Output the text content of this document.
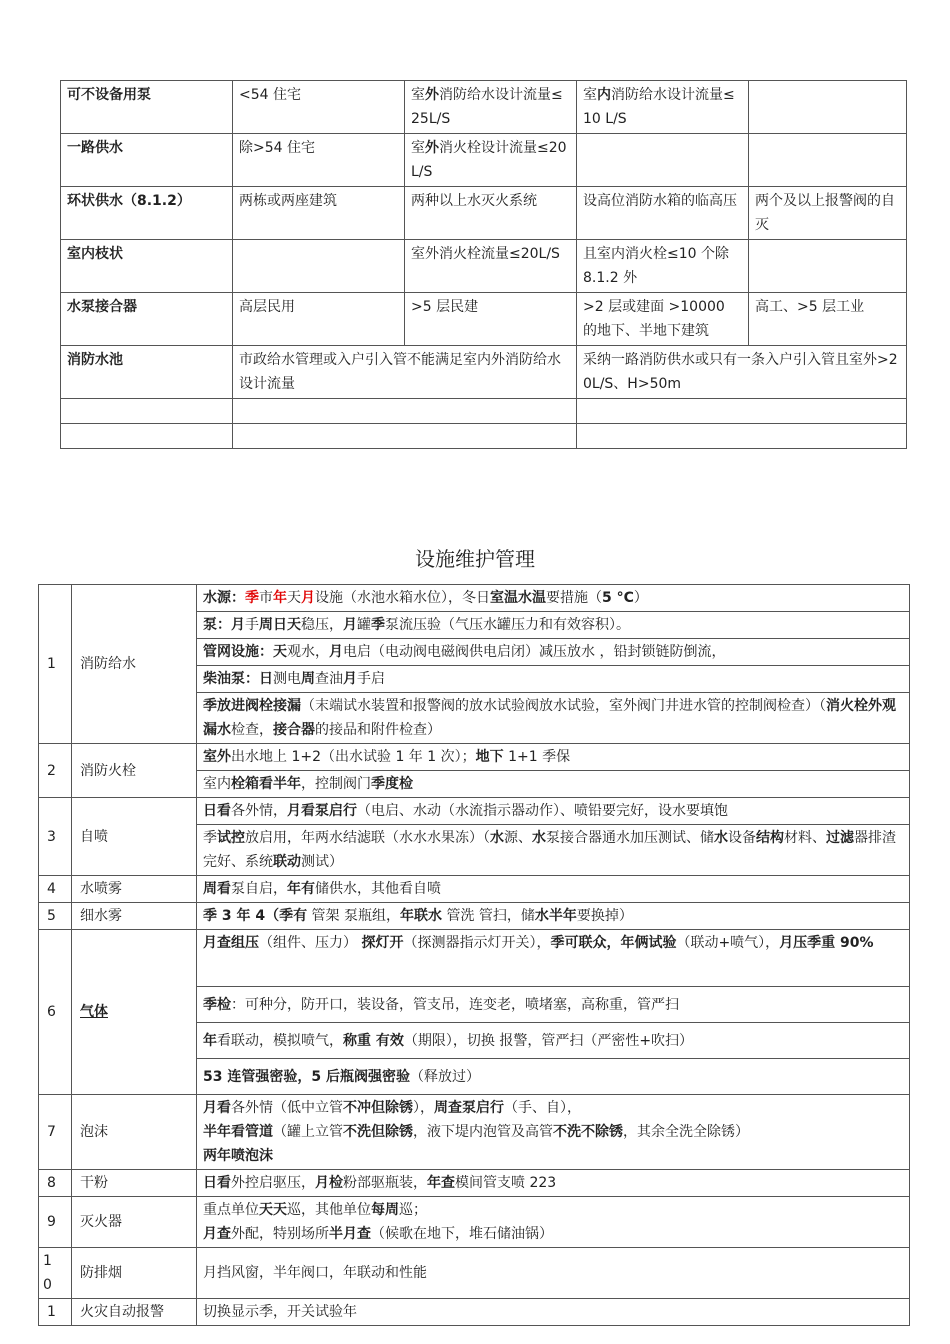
可不设备用泵	<54 住宅	室外消防给水设计流量≤25L/S	室内消防给水设计流量≤10 L/S	
一路供水	除>54 住宅	室外消火栓设计流量≤20L/S		
环状供水（8.1.2）	两栋或两座建筑	两种以上水灭火系统	设高位消防水箱的临高压	两个及以上报警阀的自灭
室内枝状		室外消火栓流量≤20L/S	且室内消火栓≤10 个除 8.1.2 外	
水泵接合器	高层民用	>5 层民建	>2 层或建面 >10000 的地下、半地下建筑	高工、>5 层工业
消防水池	市政给水管理或入户引入管不能满足室内外消防给水设计流量		采纳一路消防供水或只有一条入户引入管且室外>20L/S、H>50m	

设施维护管理
1	消防给水	水源：季市年天月设施（水池水箱水位），冬日室温水温要措施（5 °C）
		泵：月手周日天稳压，月罐季泵流压验（气压水罐压力和有效容积）。
		管网设施：天观水，月电启（电动阀电磁阀供电启闭）减压放水 ，铅封锁链防倒流，
		柴油泵：日测电周查油月手启
		季放进阀栓接漏（末端试水装置和报警阀的放水试验阀放水试验，室外阀门井进水管的控制阀检查）（消火栓外观漏水检查，接合器的接品和附件检查）
2	消防火栓	室外出水地上 1+2（出水试验 1 年 1 次）；地下 1+1 季保
		室内栓箱看半年，控制阀门季度检
3	自喷	日看各外情，月看泵启行（电启、水动（水流指示器动作）、喷铅要完好，设水要填饱
		季试控放启用，年两水结滤联（水水水果冻）（水源、水泵接合器通水加压测试、储水设备结构材料、过滤器排渣完好、系统联动测试）
4	水喷雾	周看泵自启，年有储供水，其他看自喷
5	细水雾	季 3 年 4（季有 管架 泵瓶组，年联水 管洗 管扫，储水半年要换掉）
6	气体	月查组压（组件、压力） 探灯开（探测器指示灯开关），季可联众，年俩试验（联动+喷气），月压季重 90%
		季检：可种分，防开口，装设备，管支吊，连变老，喷堵塞，高称重，管严扫
		年看联动，模拟喷气，称重 有效（期限），切换 报警，管严扫（严密性+吹扫）
		53 连管强密验，5 后瓶阀强密验（释放过）
7	泡沫	月看各外情（低中立管不冲但除锈），周查泵启行（手、自），
半年看管道（罐上立管不洗但除锈，液下堤内泡管及高管不洗不除锈，其余全洗全除锈）
两年喷泡沫

8	干粉	日看外控启驱压，月检粉部驱瓶装，年查模间管支喷 223
9	灭火器	重点单位天天巡，其他单位每周巡；
月查外配，特别场所半月查（候歌在地下，堆石储油锅）

1
0	防排烟	月挡风窗，半年阀口，年联动和性能
1	火灾自动报警	切换显示季，开关试验年
